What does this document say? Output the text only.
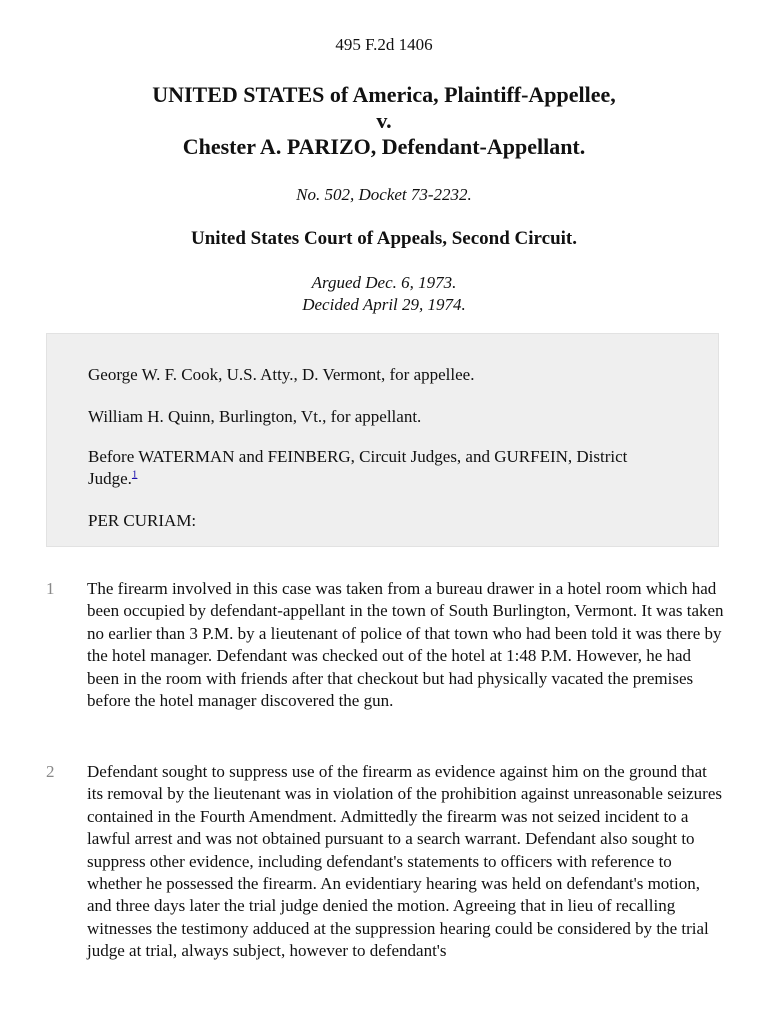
495 F.2d 1406
UNITED STATES of America, Plaintiff-Appellee,
v.
Chester A. PARIZO, Defendant-Appellant.
No. 502, Docket 73-2232.
United States Court of Appeals, Second Circuit.
Argued Dec. 6, 1973.
Decided April 29, 1974.

George W. F. Cook, U.S. Atty., D. Vermont, for appellee.

William H. Quinn, Burlington, Vt., for appellant.

Before WATERMAN and FEINBERG, Circuit Judges, and GURFEIN, District Judge.$^1$

PER CURIAM:

1 The firearm involved in this case was taken from a bureau drawer in a hotel room which had been occupied by defendant-appellant in the town of South Burlington, Vermont. It was taken no earlier than 3 P.M. by a lieutenant of police of that town who had been told it was there by the hotel manager. Defendant was checked out of the hotel at 1:48 P.M. However, he had been in the room with friends after that checkout but had physically vacated the premises before the hotel manager discovered the gun.

2 Defendant sought to suppress use of the firearm as evidence against him on the ground that its removal by the lieutenant was in violation of the prohibition against unreasonable seizures contained in the Fourth Amendment. Admittedly the firearm was not seized incident to a lawful arrest and was not obtained pursuant to a search warrant. Defendant also sought to suppress other evidence, including defendant's statements to officers with reference to whether he possessed the firearm. An evidentiary hearing was held on defendant's motion, and three days later the trial judge denied the motion. Agreeing that in lieu of recalling witnesses the testimony adduced at the suppression hearing could be considered by the trial judge at trial, always subject, however to defendant's
